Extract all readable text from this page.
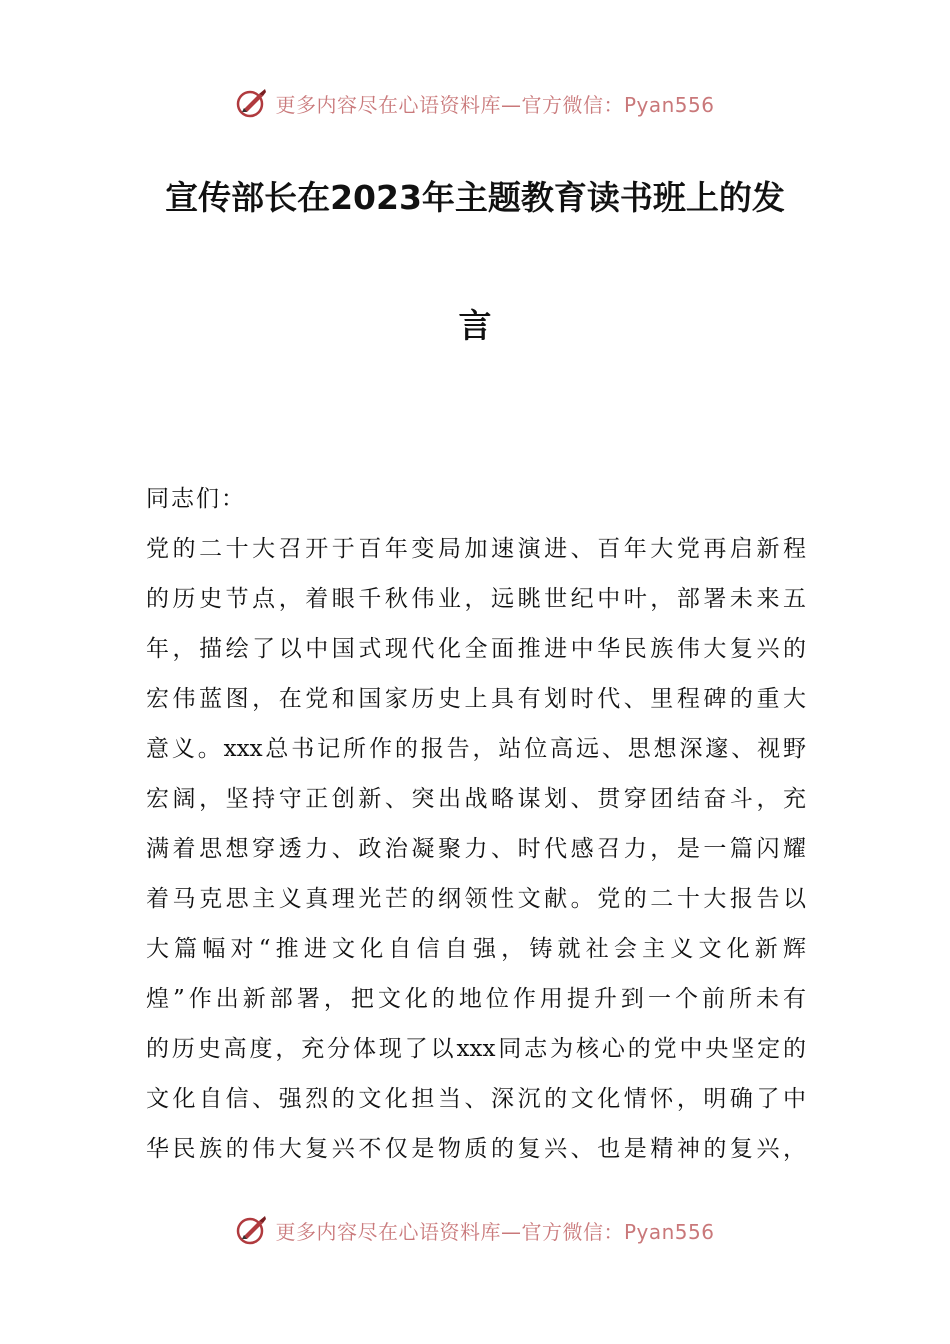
更多内容尽在心语资料库—官方微信：Pyan556
宣传部长在2023年主题教育读书班上的发
言
同志们：
党的二十大召开于百年变局加速演进、百年大党再启新程
的历史节点，着眼千秋伟业，远眺世纪中叶，部署未来五
年，描绘了以中国式现代化全面推进中华民族伟大复兴的
宏伟蓝图，在党和国家历史上具有划时代、里程碑的重大
意义。xxx总书记所作的报告，站位高远、思想深邃、视野
宏阔，坚持守正创新、突出战略谋划、贯穿团结奋斗，充
满着思想穿透力、政治凝聚力、时代感召力，是一篇闪耀
着马克思主义真理光芒的纲领性文献。党的二十大报告以
大篇幅对“推进文化自信自强，铸就社会主义文化新辉
煌”作出新部署，把文化的地位作用提升到一个前所未有
的历史高度，充分体现了以xxx同志为核心的党中央坚定的
文化自信、强烈的文化担当、深沉的文化情怀，明确了中
华民族的伟大复兴不仅是物质的复兴、也是精神的复兴，
更多内容尽在心语资料库—官方微信：Pyan556
